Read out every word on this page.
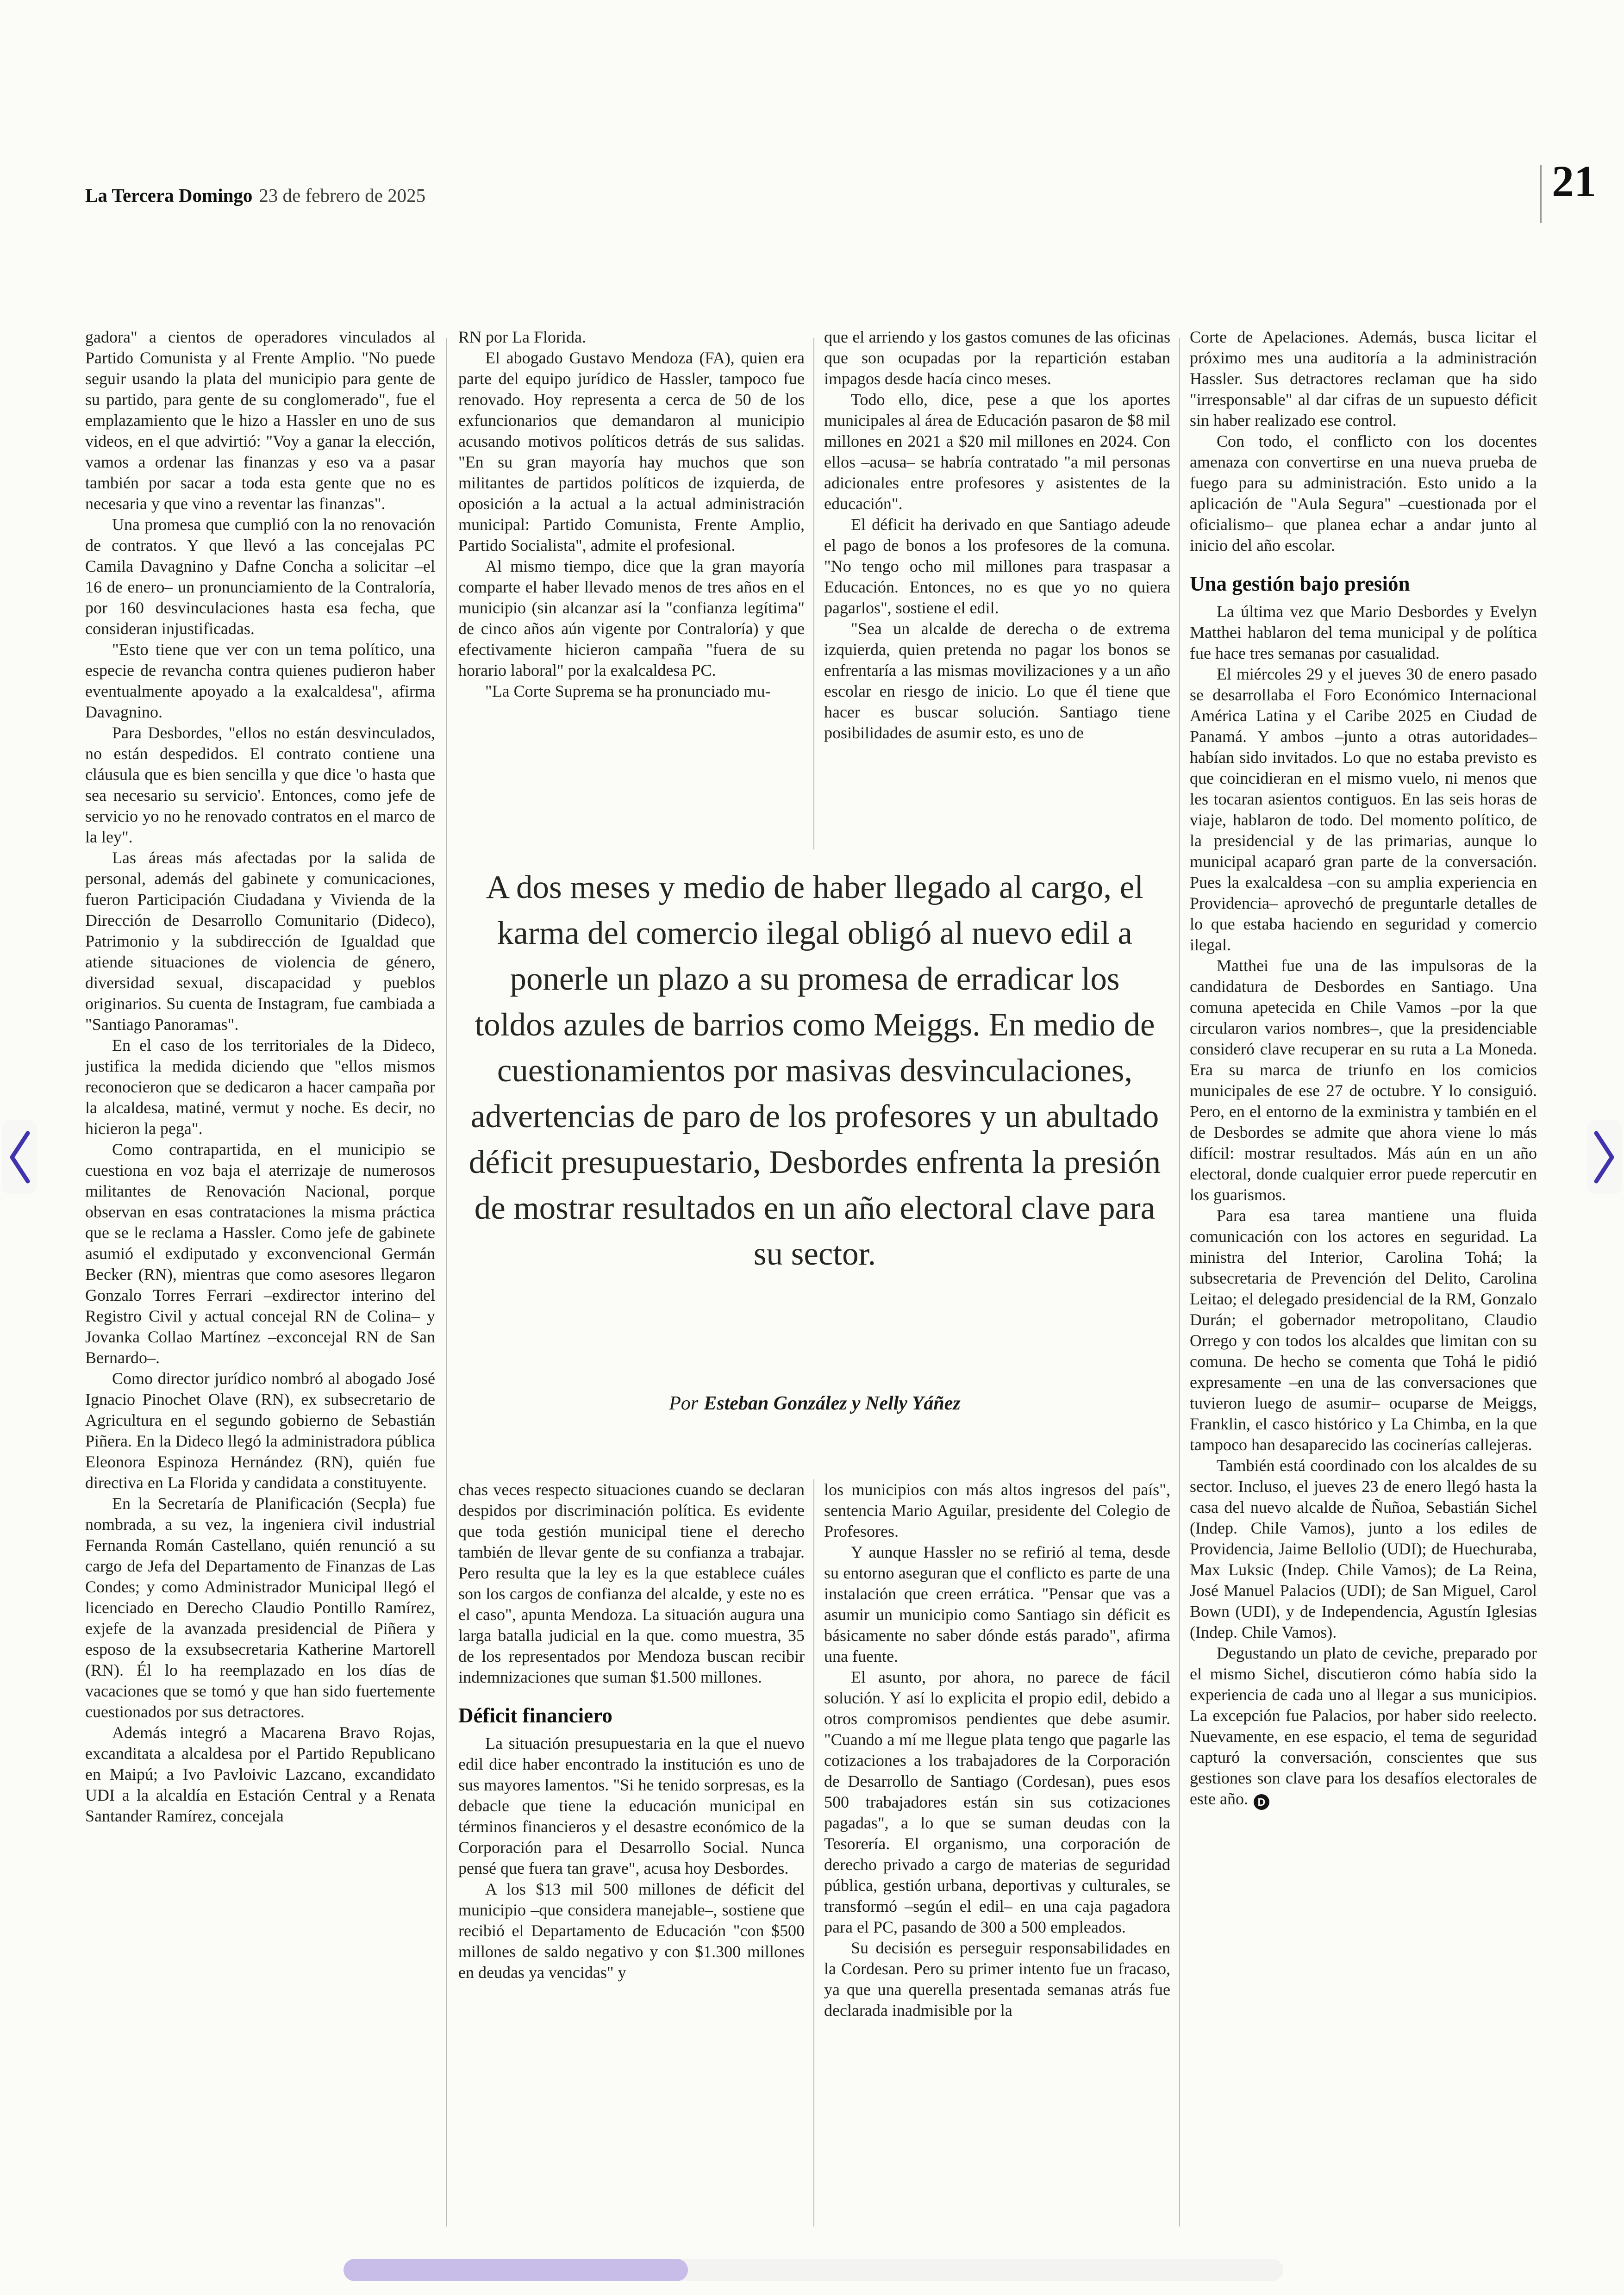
La Tercera Domingo 23 de febrero de 2025	21

gadora" a cientos de operadores vinculados al Partido Comunista y al Frente Amplio. "No puede seguir usando la plata del municipio para gente de su partido, para gente de su conglomerado", fue el emplazamiento que le hizo a Hassler en uno de sus videos, en el que advirtió: "Voy a ganar la elección, vamos a ordenar las finanzas y eso va a pasar también por sacar a toda esta gente que no es necesaria y que vino a reventar las finanzas".

Una promesa que cumplió con la no renovación de contratos. Y que llevó a las concejalas PC Camila Davagnino y Dafne Concha a solicitar –el 16 de enero– un pronunciamiento de la Contraloría, por 160 desvinculaciones hasta esa fecha, que consideran injustificadas.

"Esto tiene que ver con un tema político, una especie de revancha contra quienes pudieron haber eventualmente apoyado a la exalcaldesa", afirma Davagnino.

Para Desbordes, "ellos no están desvinculados, no están despedidos. El contrato contiene una cláusula que es bien sencilla y que dice 'o hasta que sea necesario su servicio'. Entonces, como jefe de servicio yo no he renovado contratos en el marco de la ley".

Las áreas más afectadas por la salida de personal, además del gabinete y comunicaciones, fueron Participación Ciudadana y Vivienda de la Dirección de Desarrollo Comunitario (Dideco), Patrimonio y la subdirección de Igualdad que atiende situaciones de violencia de género, diversidad sexual, discapacidad y pueblos originarios. Su cuenta de Instagram, fue cambiada a "Santiago Panoramas".

En el caso de los territoriales de la Dideco, justifica la medida diciendo que "ellos mismos reconocieron que se dedicaron a hacer campaña por la alcaldesa, matiné, vermut y noche. Es decir, no hicieron la pega".

Como contrapartida, en el municipio se cuestiona en voz baja el aterrizaje de numerosos militantes de Renovación Nacional, porque observan en esas contrataciones la misma práctica que se le reclama a Hassler. Como jefe de gabinete asumió el exdiputado y exconvencional Germán Becker (RN), mientras que como asesores llegaron Gonzalo Torres Ferrari –exdirector interino del Registro Civil y actual concejal RN de Colina– y Jovanka Collao Martínez –exconcejal RN de San Bernardo–.

Como director jurídico nombró al abogado José Ignacio Pinochet Olave (RN), ex subsecretario de Agricultura en el segundo gobierno de Sebastián Piñera. En la Dideco llegó la administradora pública Eleonora Espinoza Hernández (RN), quién fue directiva en La Florida y candidata a constituyente.

En la Secretaría de Planificación (Secpla) fue nombrada, a su vez, la ingeniera civil industrial Fernanda Román Castellano, quién renunció a su cargo de Jefa del Departamento de Finanzas de Las Condes; y como Administrador Municipal llegó el licenciado en Derecho Claudio Pontillo Ramírez, exjefe de la avanzada presidencial de Piñera y esposo de la exsubsecretaria Katherine Martorell (RN). Él lo ha reemplazado en los días de vacaciones que se tomó y que han sido fuertemente cuestionados por sus detractores.

Además integró a Macarena Bravo Rojas, excanditata a alcaldesa por el Partido Republicano en Maipú; a Ivo Pavloivic Lazcano, excandidato UDI a la alcaldía en Estación Central y a Renata Santander Ramírez, concejala

RN por La Florida.

El abogado Gustavo Mendoza (FA), quien era parte del equipo jurídico de Hassler, tampoco fue renovado. Hoy representa a cerca de 50 de los exfuncionarios que demandaron al municipio acusando motivos políticos detrás de sus salidas. "En su gran mayoría hay muchos que son militantes de partidos políticos de izquierda, de oposición a la actual a la actual administración municipal: Partido Comunista, Frente Amplio, Partido Socialista", admite el profesional.

Al mismo tiempo, dice que la gran mayoría comparte el haber llevado menos de tres años en el municipio (sin alcanzar así la "confianza legítima" de cinco años aún vigente por Contraloría) y que efectivamente hicieron campaña "fuera de su horario laboral" por la exalcaldesa PC.

"La Corte Suprema se ha pronunciado mu-

chas veces respecto situaciones cuando se declaran despidos por discriminación política. Es evidente que toda gestión municipal tiene el derecho también de llevar gente de su confianza a trabajar. Pero resulta que la ley es la que establece cuáles son los cargos de confianza del alcalde, y este no es el caso", apunta Mendoza. La situación augura una larga batalla judicial en la que. como muestra, 35 de los representados por Mendoza buscan recibir indemnizaciones que suman $1.500 millones.

Déficit financiero

La situación presupuestaria en la que el nuevo edil dice haber encontrado la institución es uno de sus mayores lamentos. "Si he tenido sorpresas, es la debacle que tiene la educación municipal en términos financieros y el desastre económico de la Corporación para el Desarrollo Social. Nunca pensé que fuera tan grave", acusa hoy Desbordes.

A los $13 mil 500 millones de déficit del municipio –que considera manejable–, sostiene que recibió el Departamento de Educación "con $500 millones de saldo negativo y con $1.300 millones en deudas ya vencidas" y

que el arriendo y los gastos comunes de las oficinas que son ocupadas por la repartición estaban impagos desde hacía cinco meses.

Todo ello, dice, pese a que los aportes municipales al área de Educación pasaron de $8 mil millones en 2021 a $20 mil millones en 2024. Con ellos –acusa– se habría contratado "a mil personas adicionales entre profesores y asistentes de la educación".

El déficit ha derivado en que Santiago adeude el pago de bonos a los profesores de la comuna. "No tengo ocho mil millones para traspasar a Educación. Entonces, no es que yo no quiera pagarlos", sostiene el edil.

"Sea un alcalde de derecha o de extrema izquierda, quien pretenda no pagar los bonos se enfrentaría a las mismas movilizaciones y a un año escolar en riesgo de inicio. Lo que él tiene que hacer es buscar solución. Santiago tiene posibilidades de asumir esto, es uno de

los municipios con más altos ingresos del país", sentencia Mario Aguilar, presidente del Colegio de Profesores.

Y aunque Hassler no se refirió al tema, desde su entorno aseguran que el conflicto es parte de una instalación que creen errática. "Pensar que vas a asumir un municipio como Santiago sin déficit es básicamente no saber dónde estás parado", afirma una fuente.

El asunto, por ahora, no parece de fácil solución. Y así lo explicita el propio edil, debido a otros compromisos pendientes que debe asumir. "Cuando a mí me llegue plata tengo que pagarle las cotizaciones a los trabajadores de la Corporación de Desarrollo de Santiago (Cordesan), pues esos 500 trabajadores están sin sus cotizaciones pagadas", a lo que se suman deudas con la Tesorería. El organismo, una corporación de derecho privado a cargo de materias de seguridad pública, gestión urbana, deportivas y culturales, se transformó –según el edil– en una caja pagadora para el PC, pasando de 300 a 500 empleados.

Su decisión es perseguir responsabilidades en la Cordesan. Pero su primer intento fue un fracaso, ya que una querella presentada semanas atrás fue declarada inadmisible por la

Corte de Apelaciones. Además, busca licitar el próximo mes una auditoría a la administración Hassler. Sus detractores reclaman que ha sido "irresponsable" al dar cifras de un supuesto déficit sin haber realizado ese control.

Con todo, el conflicto con los docentes amenaza con convertirse en una nueva prueba de fuego para su administración. Esto unido a la aplicación de "Aula Segura" –cuestionada por el oficialismo– que planea echar a andar junto al inicio del año escolar.

Una gestión bajo presión

La última vez que Mario Desbordes y Evelyn Matthei hablaron del tema municipal y de política fue hace tres semanas por casualidad.

El miércoles 29 y el jueves 30 de enero pasado se desarrollaba el Foro Económico Internacional América Latina y el Caribe 2025 en Ciudad de Panamá. Y ambos –junto a otras autoridades– habían sido invitados. Lo que no estaba previsto es que coincidieran en el mismo vuelo, ni menos que les tocaran asientos contiguos. En las seis horas de viaje, hablaron de todo. Del momento político, de la presidencial y de las primarias, aunque lo municipal acaparó gran parte de la conversación. Pues la exalcaldesa –con su amplia experiencia en Providencia– aprovechó de preguntarle detalles de lo que estaba haciendo en seguridad y comercio ilegal.

Matthei fue una de las impulsoras de la candidatura de Desbordes en Santiago. Una comuna apetecida en Chile Vamos –por la que circularon varios nombres–, que la presidenciable consideró clave recuperar en su ruta a La Moneda. Era su marca de triunfo en los comicios municipales de ese 27 de octubre. Y lo consiguió. Pero, en el entorno de la exministra y también en el de Desbordes se admite que ahora viene lo más difícil: mostrar resultados. Más aún en un año electoral, donde cualquier error puede repercutir en los guarismos.

Para esa tarea mantiene una fluida comunicación con los actores en seguridad. La ministra del Interior, Carolina Tohá; la subsecretaria de Prevención del Delito, Carolina Leitao; el delegado presidencial de la RM, Gonzalo Durán; el gobernador metropolitano, Claudio Orrego y con todos los alcaldes que limitan con su comuna. De hecho se comenta que Tohá le pidió expresamente –en una de las conversaciones que tuvieron luego de asumir– ocuparse de Meiggs, Franklin, el casco histórico y La Chimba, en la que tampoco han desaparecido las cocinerías callejeras.

También está coordinado con los alcaldes de su sector. Incluso, el jueves 23 de enero llegó hasta la casa del nuevo alcalde de Ñuñoa, Sebastián Sichel (Indep. Chile Vamos), junto a los ediles de Providencia, Jaime Bellolio (UDI); de Huechuraba, Max Luksic (Indep. Chile Vamos); de La Reina, José Manuel Palacios (UDI); de San Miguel, Carol Bown (UDI), y de Independencia, Agustín Iglesias (Indep. Chile Vamos).

Degustando un plato de ceviche, preparado por el mismo Sichel, discutieron cómo había sido la experiencia de cada uno al llegar a sus municipios. La excepción fue Palacios, por haber sido reelecto. Nuevamente, en ese espacio, el tema de seguridad capturó la conversación, conscientes que sus gestiones son clave para los desafíos electorales de este año. D

A dos meses y medio de haber llegado al cargo, el karma del comercio ilegal obligó al nuevo edil a ponerle un plazo a su promesa de erradicar los toldos azules de barrios como Meiggs. En medio de cuestionamientos por masivas desvinculaciones, advertencias de paro de los profesores y un abultado déficit presupuestario, Desbordes enfrenta la presión de mostrar resultados en un año electoral clave para su sector.
Por Esteban González y Nelly Yáñez
